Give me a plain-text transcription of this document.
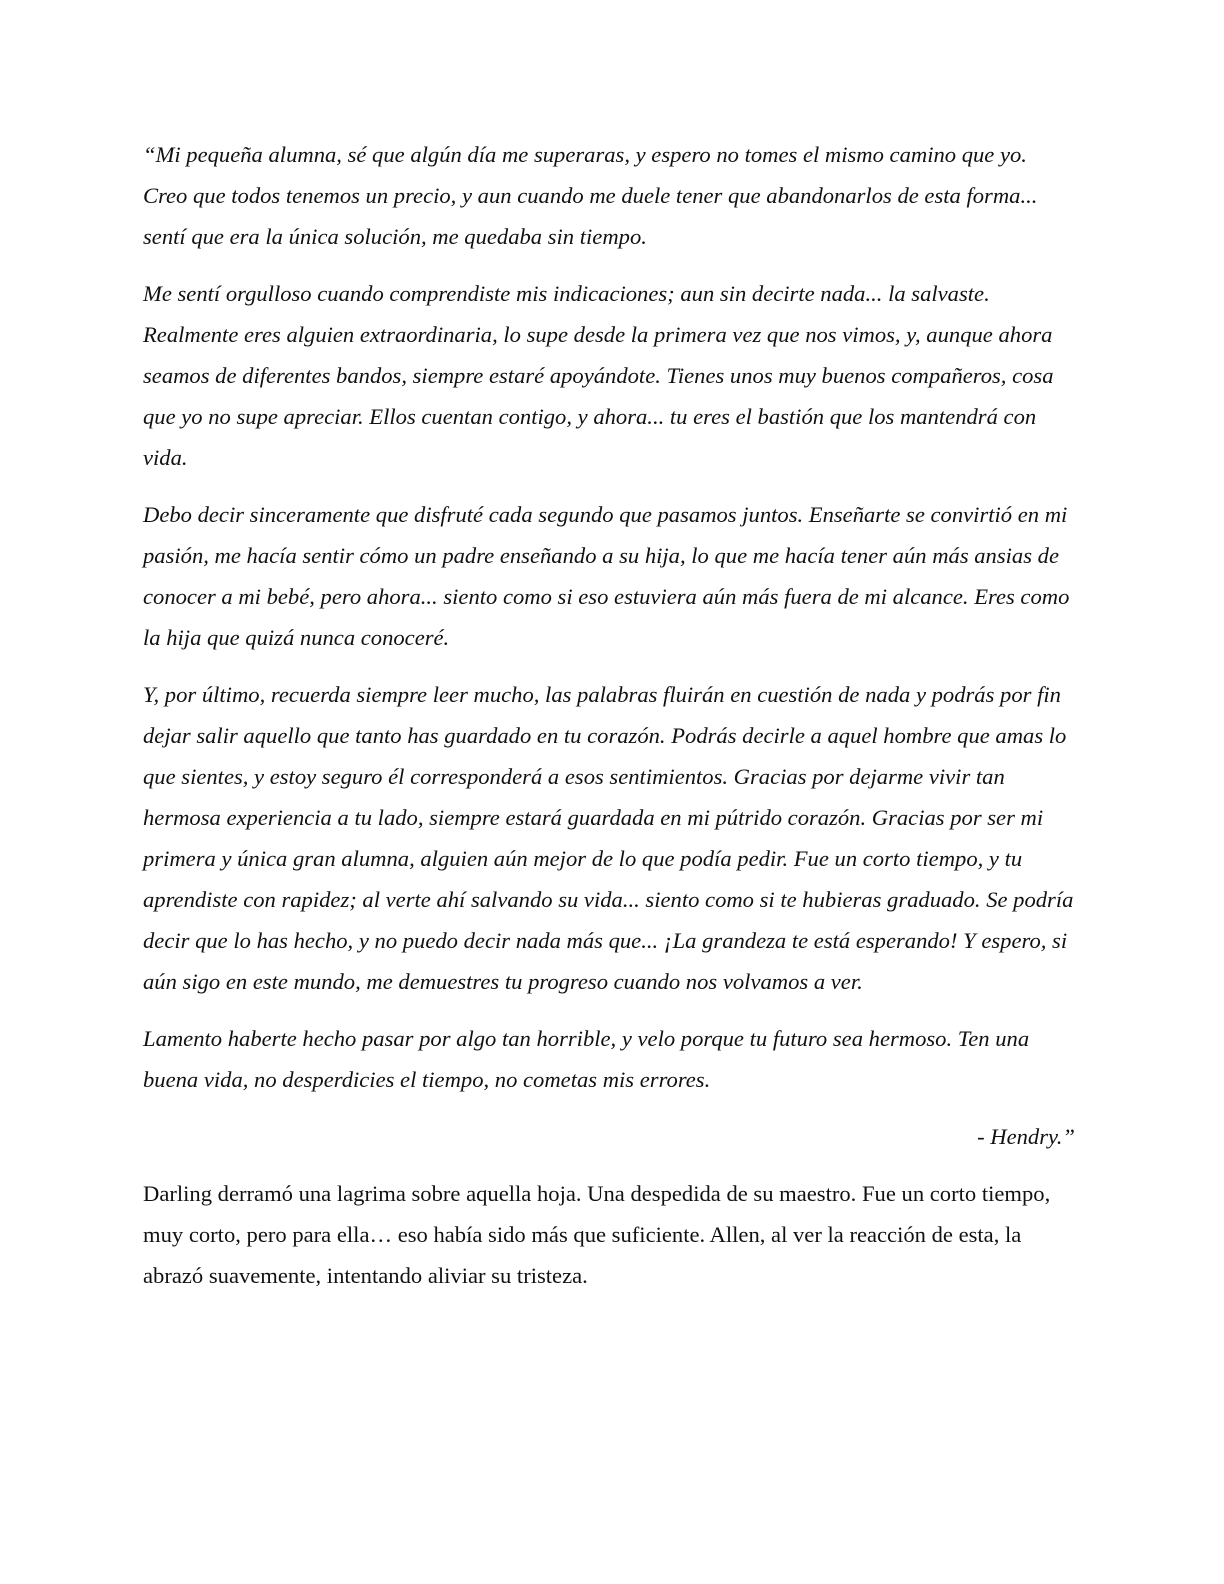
“Mi pequeña alumna, sé que algún día me superaras, y espero no tomes el mismo camino que yo. Creo que todos tenemos un precio, y aun cuando me duele tener que abandonarlos de esta forma... sentí que era la única solución, me quedaba sin tiempo.

Me sentí orgulloso cuando comprendiste mis indicaciones; aun sin decirte nada... la salvaste. Realmente eres alguien extraordinaria, lo supe desde la primera vez que nos vimos, y, aunque ahora seamos de diferentes bandos, siempre estaré apoyándote. Tienes unos muy buenos compañeros, cosa que yo no supe apreciar. Ellos cuentan contigo, y ahora... tu eres el bastión que los mantendrá con vida.

Debo decir sinceramente que disfruté cada segundo que pasamos juntos. Enseñarte se convirtió en mi pasión, me hacía sentir cómo un padre enseñando a su hija, lo que me hacía tener aún más ansias de conocer a mi bebé, pero ahora... siento como si eso estuviera aún más fuera de mi alcance. Eres como la hija que quizá nunca conoceré.

Y, por último, recuerda siempre leer mucho, las palabras fluirán en cuestión de nada y podrás por fin dejar salir aquello que tanto has guardado en tu corazón. Podrás decirle a aquel hombre que amas lo que sientes, y estoy seguro él corresponderá a esos sentimientos. Gracias por dejarme vivir tan hermosa experiencia a tu lado, siempre estará guardada en mi pútrido corazón. Gracias por ser mi primera y única gran alumna, alguien aún mejor de lo que podía pedir. Fue un corto tiempo, y tu aprendiste con rapidez; al verte ahí salvando su vida... siento como si te hubieras graduado. Se podría decir que lo has hecho, y no puedo decir nada más que... ¡La grandeza te está esperando! Y espero, si aún sigo en este mundo, me demuestres tu progreso cuando nos volvamos a ver.

Lamento haberte hecho pasar por algo tan horrible, y velo porque tu futuro sea hermoso. Ten una buena vida, no desperdicies el tiempo, no cometas mis errores.

- Hendry.”

Darling derramó una lagrima sobre aquella hoja. Una despedida de su maestro. Fue un corto tiempo, muy corto, pero para ella… eso había sido más que suficiente. Allen, al ver la reacción de esta, la abrazó suavemente, intentando aliviar su tristeza.
